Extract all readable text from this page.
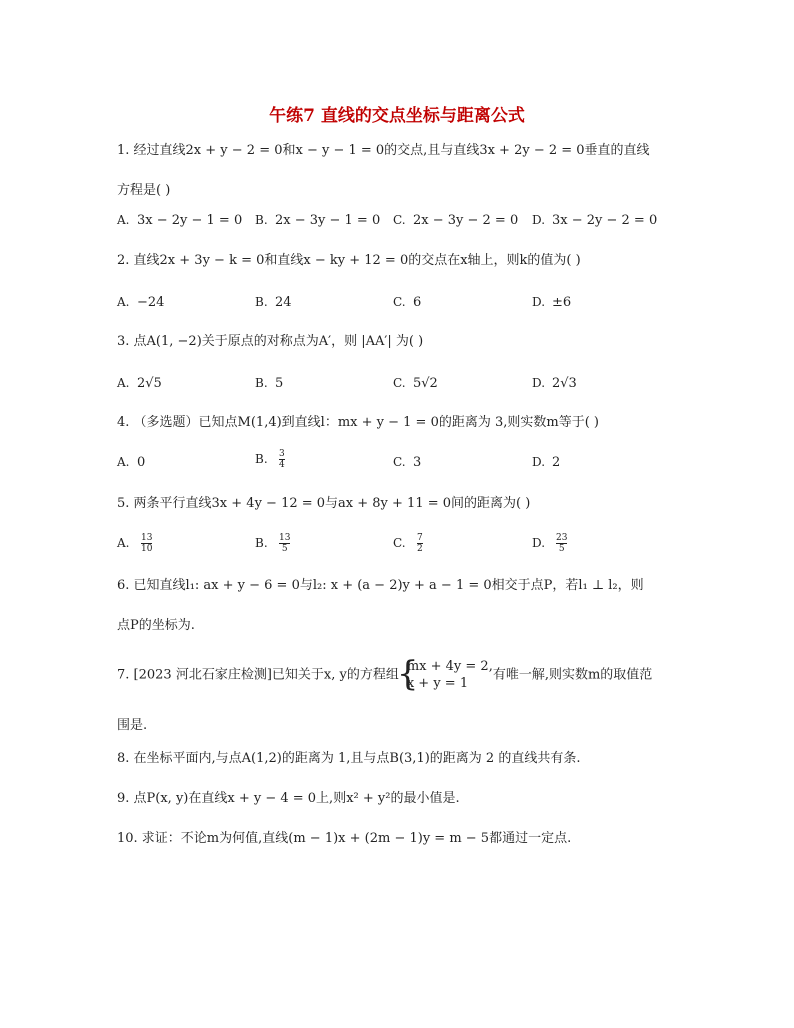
午练7 直线的交点坐标与距离公式
1. 经过直线2x + y − 2 = 0和x − y − 1 = 0的交点,且与直线3x + 2y − 2 = 0垂直的直线
方程是( )
A. 3x − 2y − 1 = 0 B. 2x − 3y − 1 = 0 C. 2x − 3y − 2 = 0 D. 3x − 2y − 2 = 0
2. 直线2x + 3y − k = 0和直线x − ky + 12 = 0的交点在x轴上，则k的值为( )
A. −24	B. 24	C. 6	D. ±6
3. 点A(1, −2)关于原点的对称点为A′，则 |AA′| 为( )
A. 2√5	B. 5	C. 5√2	D. 2√3
4. （多选题）已知点M(1,4)到直线l：mx + y − 1 = 0的距离为 3,则实数m等于( )
A. 0	B. $\frac{3}{4}$	C. 3	D. 2
5. 两条平行直线3x + 4y − 12 = 0与ax + 8y + 11 = 0间的距离为( )
A. $\frac{13}{10}$	B. $\frac{13}{5}$	C. $\frac{7}{2}$	D. $\frac{23}{5}$
6. 已知直线l₁: ax + y − 6 = 0与l₂: x + (a − 2)y + a − 1 = 0相交于点P，若l₁ ⊥ l₂，则
点P的坐标为.
7. [2023 河北石家庄检测]已知关于x, y的方程组
{ mx + 4y = 2,
x + y = 1
有唯一解,则实数m的取值范
围是.
8. 在坐标平面内,与点A(1,2)的距离为 1,且与点B(3,1)的距离为 2 的直线共有条.
9. 点P(x, y)在直线x + y − 4 = 0上,则x² + y²的最小值是.
10. 求证：不论m为何值,直线(m − 1)x + (2m − 1)y = m − 5都通过一定点.
